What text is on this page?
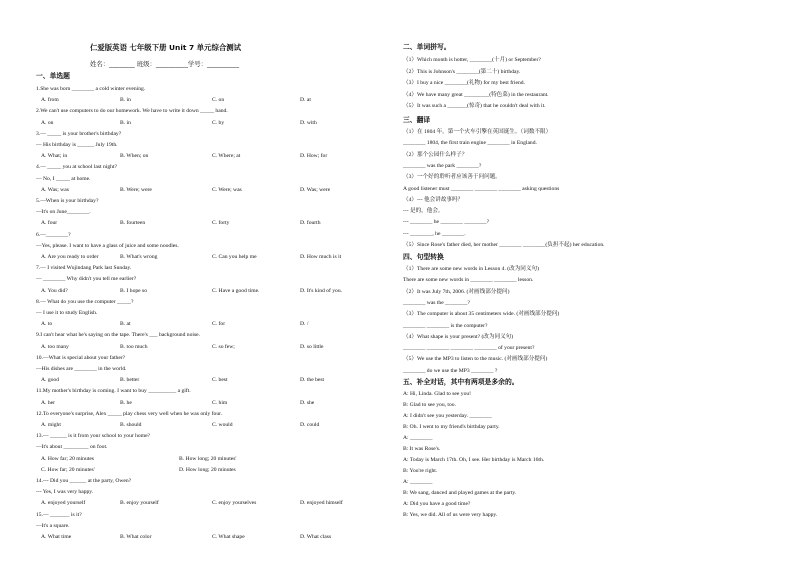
仁爱版英语 七年级下册 Unit 7 单元综合测试
姓名：________ 班级：__________学号：__________
一、单选题
1.She was born ________ a cold winter evening.
A. from	B. in	C. on	D. at
2.We can't use computers to do our homework. We have to write it down _____ hand.
A. on	B. in	C. by	D. with
3.— _____ is your brother's birthday?
— His birthday is ______ July 19th.
A. What; in	B. When; on	C. Where; at	D. How; for
4.— _____ you at school last night?
— No, I _____ at home.
A. Was; was	B. Were; were	C. Were; was	D. Was; were
5.—When is your birthday?
—It's on June________.
A. four	B. fourteen	C. forty	D. fourth
6.—________?
—Yes, please. I want to have a glass of juice and some noodles.
A. Are you ready to order	B. What's wrong	C. Can you help me	D. How much is it
7.— I visited Wujindang Park last Sunday.
— ________ Why didn't you tell me earlier?
A. You did?	B. I hope so	C. Have a good time.	D. It's kind of you.
8.— What do you use the computer _____?
— I use it to study English.
A. to	B. at	C. for	D. /
9.I can't hear what he's saying on the tape. There's ___ background noise.
A. too many	B. too much	C. so few;	D. so little
10.—What is special about your father?
—His dishes are ________ in the world.
A. good	B. better	C. best	D. the best
11.My mother's birthday is coming. I want to buy __________ a gift.
A. her	B. he	C. him	D. she
12.To everyone's surprise, Alex _____ play chess very well when he was only four.
A. might	B. should	C. would	D. could
13.— ______ is it from your school to your home?
—It's about _________ on foot.
A. How far; 20 minutes	B. How long; 20 minutes'
C. How far; 20 minutes'	D. How long; 20 minutes
14.--- Did you ______ at the party, Owen?
--- Yes, I was very happy.
A. enjoyed yourself	B. enjoy yourself	C. enjoy yourselves	D. enjoyed himself
15.— _______ is it?
—It's a square.
A. What time	B. What color	C. What shape	D. What class
二、单词拼写。
（1）Which month is hotter, ________(十月) or September?
（2）This is Johnson's ________(第二十) birthday.
（3）I buy a nice ________(礼物) for my best friend.
（4）We have many great _________(特色菜) in the restaurant.
（5）It was such a _______(惊奇) that he couldn't deal with it.
三、翻译
（1）在 1804 年，第一个火车引擎在英国诞生。（词数不限）
________ 1804, the first train engine ________ in England.
（2）那个公园什么样子？
________ was the park ________?
（3）一个好的聆听者应该善于问问题。
A good listener must ________ ________ ________ asking questions
（4）--- 他会讲故事吗？
--- 是的，他会。
--- ________ he ________ ________?
--- ________, he ________.
（5）Since Rose's father died, her mother ________ ________(负担不起) her education.
四、句型转换
（1）There are some new words in Lesson 4. (改为同义句)
There are some new words in ________ ________ lesson.
（2）It was July 7th, 2006. (对画线部分提问)
________ was the ________?
（3）The computer is about 35 centimeters wide. (对画线部分提问)
________ ________ is the computer?
（4）What shape is your present? (改为同义句)
________ ________ ________ ________ of your present?
（5）We use the MP3 to listen to the music. (对画线部分提问)
________ do we use the MP3 ________ ?
五、补全对话，其中有两项是多余的。
A: Hi, Linda. Glad to see you!
B: Glad to see you, too.
A: I didn't see you yesterday. ________
B: Oh. I went to my friend's birthday party.
A: ________
B: It was Rose's.
A: Today is March 17th. Oh, I see. Her birthday is March 16th.
B: You're right.
A: ________
B: We sang, danced and played games at the party.
A: Did you have a good time?
B: Yes, we did. All of us were very happy.
